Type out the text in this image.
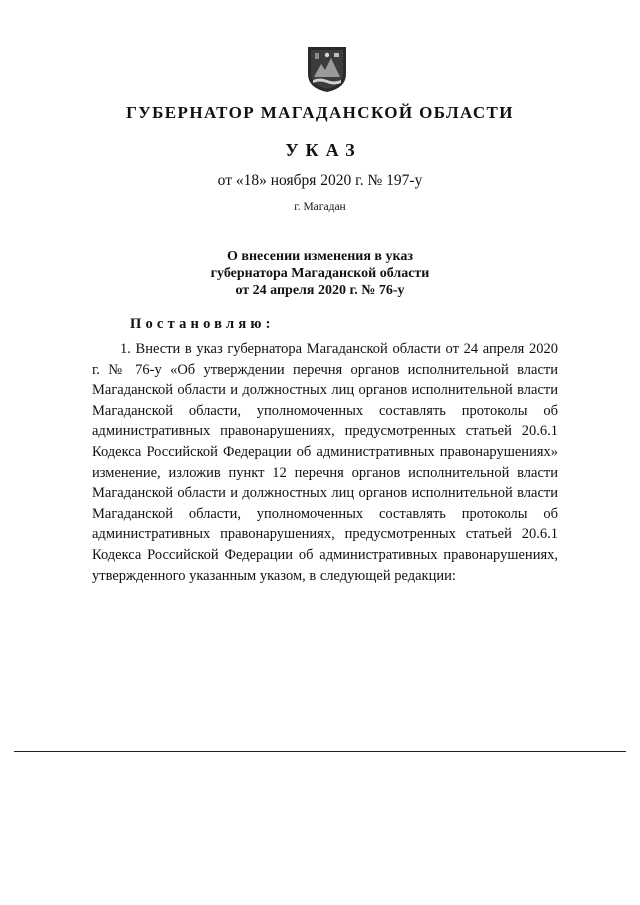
ГУБЕРНАТОР МАГАДАНСКОЙ ОБЛАСТИ
УКАЗ
от «18» ноября 2020 г. № 197-у
г. Магадан
О внесении изменения в указ
губернатора Магаданской области
от 24 апреля 2020 г. № 76-у
Постановляю:

1. Внести в указ губернатора Магаданской области от 24 апреля 2020 г. № 76-у «Об утверждении перечня органов исполнительной власти Магаданской области и должностных лиц органов исполнительной власти Магаданской области, уполномоченных составлять протоколы об административных правонарушениях, предусмотренных статьей 20.6.1 Кодекса Российской Федерации об административных правонарушениях» изменение, изложив пункт 12 перечня органов исполнительной власти Магаданской области и должностных лиц органов исполнительной власти Магаданской области, уполномоченных составлять протоколы об административных правонарушениях, предусмотренных статьей 20.6.1 Кодекса Российской Федерации об административных правонарушениях, утвержденного указанным указом, в следующей редакции:
